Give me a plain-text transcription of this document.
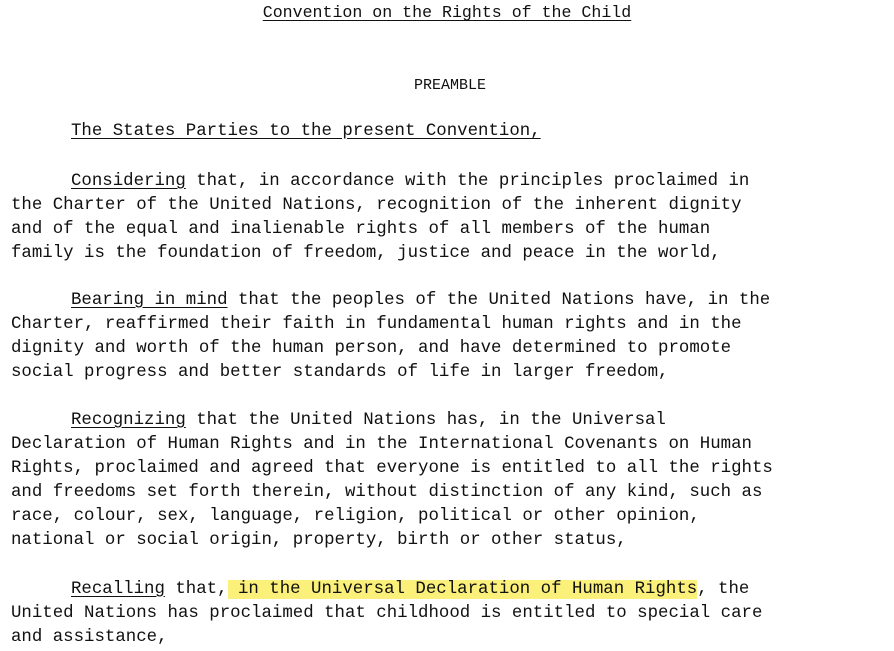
Convention on the Rights of the Child
PREAMBLE
The States Parties to the present Convention,
Considering that, in accordance with the principles proclaimed in
the Charter of the United Nations, recognition of the inherent dignity
and of the equal and inalienable rights of all members of the human
family is the foundation of freedom, justice and peace in the world,
Bearing in mind that the peoples of the United Nations have, in the
Charter, reaffirmed their faith in fundamental human rights and in the
dignity and worth of the human person, and have determined to promote
social progress and better standards of life in larger freedom,
Recognizing that the United Nations has, in the Universal
Declaration of Human Rights and in the International Covenants on Human
Rights, proclaimed and agreed that everyone is entitled to all the rights
and freedoms set forth therein, without distinction of any kind, such as
race, colour, sex, language, religion, political or other opinion,
national or social origin, property, birth or other status,
Recalling that, in the Universal Declaration of Human Rights, the
United Nations has proclaimed that childhood is entitled to special care
and assistance,
